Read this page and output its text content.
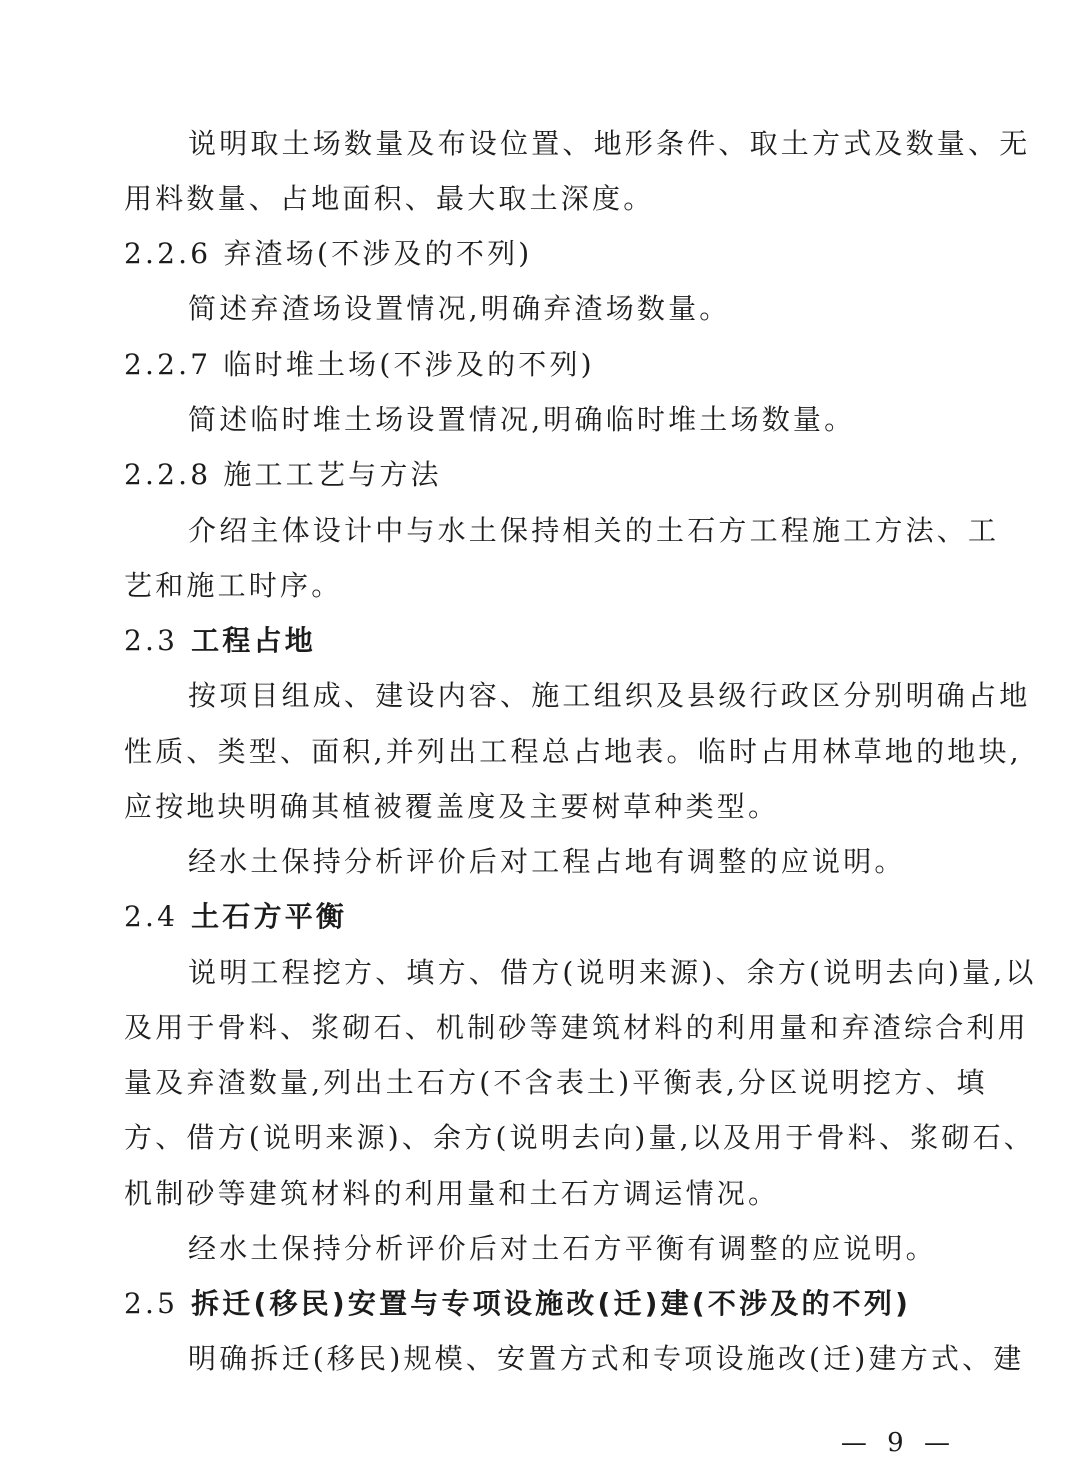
说明取土场数量及布设位置、地形条件、取土方式及数量、无
用料数量、占地面积、最大取土深度。
2.2.6 弃渣场(不涉及的不列)
简述弃渣场设置情况,明确弃渣场数量。
2.2.7 临时堆土场(不涉及的不列)
简述临时堆土场设置情况,明确临时堆土场数量。
2.2.8 施工工艺与方法
介绍主体设计中与水土保持相关的土石方工程施工方法、工
艺和施工时序。
2.3 工程占地
按项目组成、建设内容、施工组织及县级行政区分别明确占地
性质、类型、面积,并列出工程总占地表。临时占用林草地的地块,
应按地块明确其植被覆盖度及主要树草种类型。
经水土保持分析评价后对工程占地有调整的应说明。
2.4 土石方平衡
说明工程挖方、填方、借方(说明来源)、余方(说明去向)量,以
及用于骨料、浆砌石、机制砂等建筑材料的利用量和弃渣综合利用
量及弃渣数量,列出土石方(不含表土)平衡表,分区说明挖方、填
方、借方(说明来源)、余方(说明去向)量,以及用于骨料、浆砌石、
机制砂等建筑材料的利用量和土石方调运情况。
经水土保持分析评价后对土石方平衡有调整的应说明。
2.5 拆迁(移民)安置与专项设施改(迁)建(不涉及的不列)
明确拆迁(移民)规模、安置方式和专项设施改(迁)建方式、建
— 9 —
